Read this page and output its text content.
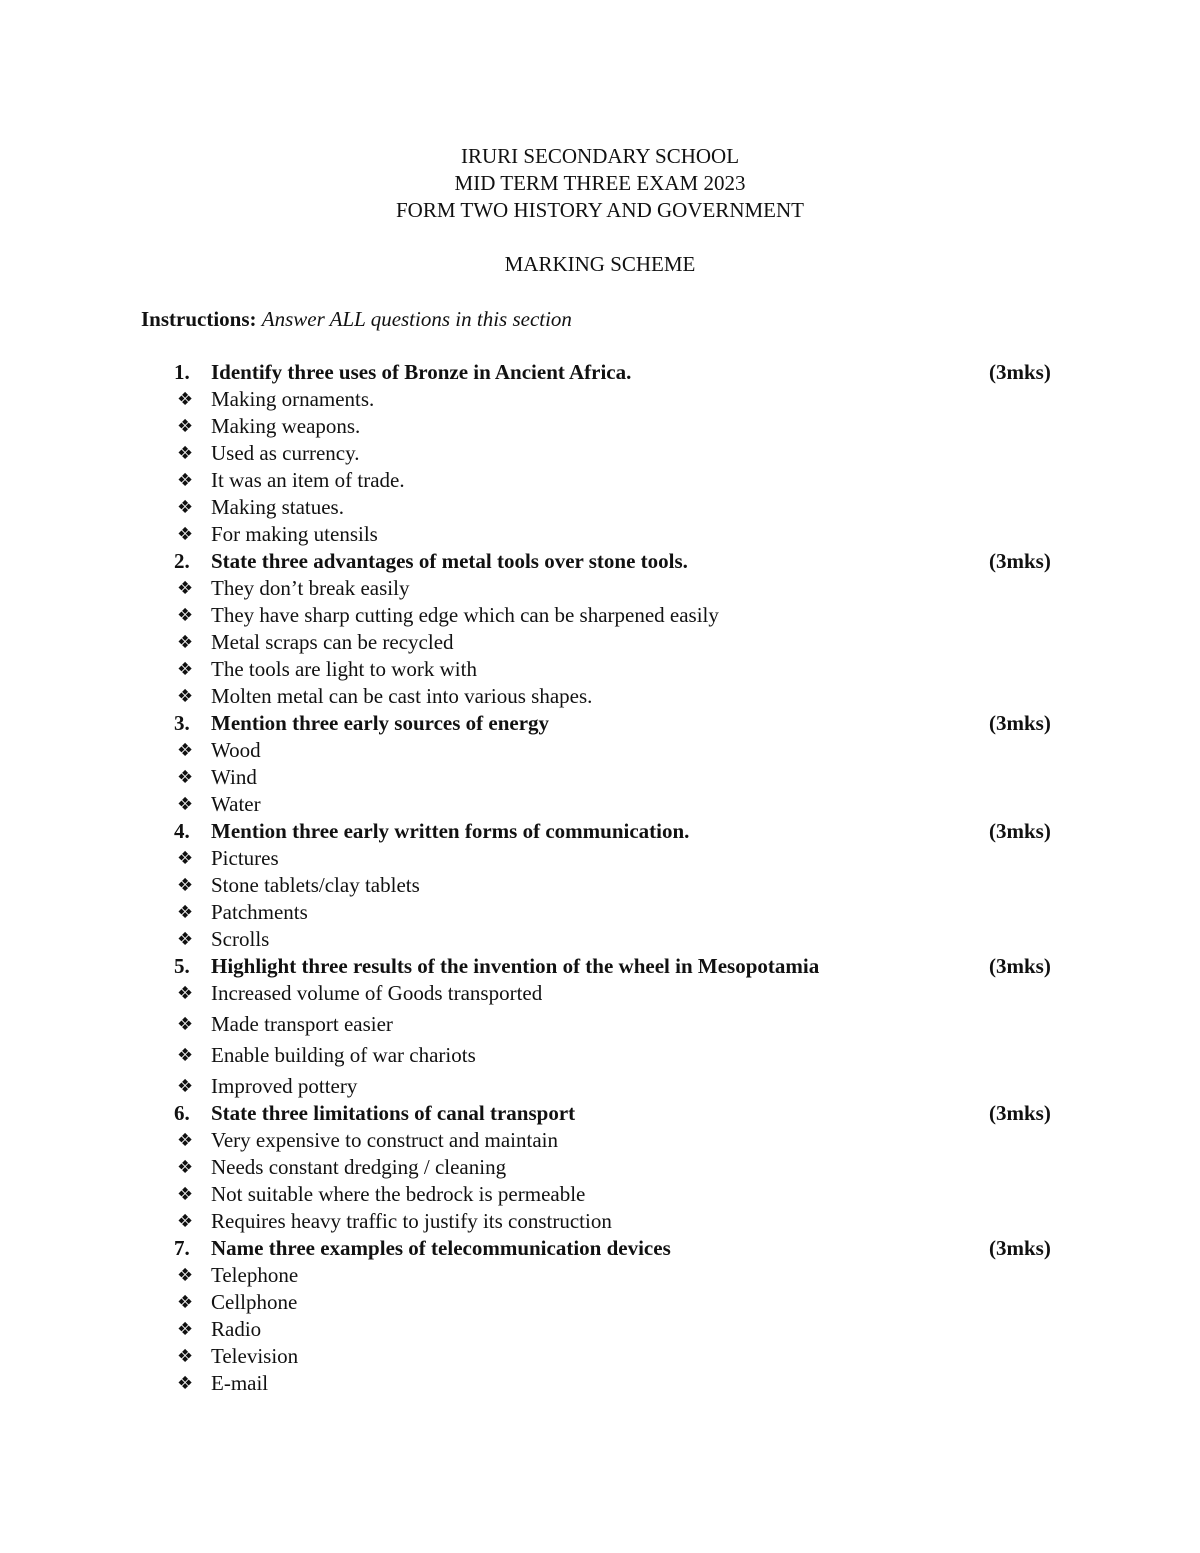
IRURI SECONDARY SCHOOL
MID TERM THREE EXAM 2023
FORM TWO HISTORY AND GOVERNMENT
MARKING SCHEME
Instructions: Answer ALL questions in this section
1. Identify three uses of Bronze in Ancient Africa.	(3mks)
❖ Making ornaments.
❖ Making weapons.
❖ Used as currency.
❖ It was an item of trade.
❖ Making statues.
❖ For making utensils
2. State three advantages of metal tools over stone tools.	(3mks)
❖ They don’t break easily
❖ They have sharp cutting edge which can be sharpened easily
❖ Metal scraps can be recycled
❖ The tools are light to work with
❖ Molten metal can be cast into various shapes.
3. Mention three early sources of energy	(3mks)
❖ Wood
❖ Wind
❖ Water
4. Mention three early written forms of communication.	(3mks)
❖ Pictures
❖ Stone tablets/clay tablets
❖ Patchments
❖ Scrolls
5. Highlight three results of the invention of the wheel in Mesopotamia	(3mks)
❖ Increased volume of Goods transported
❖ Made transport easier
❖ Enable building of war chariots
❖ Improved pottery
6. State three limitations of canal transport	(3mks)
❖ Very expensive to construct and maintain
❖ Needs constant dredging / cleaning
❖ Not suitable where the bedrock is permeable
❖ Requires heavy traffic to justify its construction
7. Name three examples of telecommunication devices	(3mks)
❖ Telephone
❖ Cellphone
❖ Radio
❖ Television
❖ E-mail
